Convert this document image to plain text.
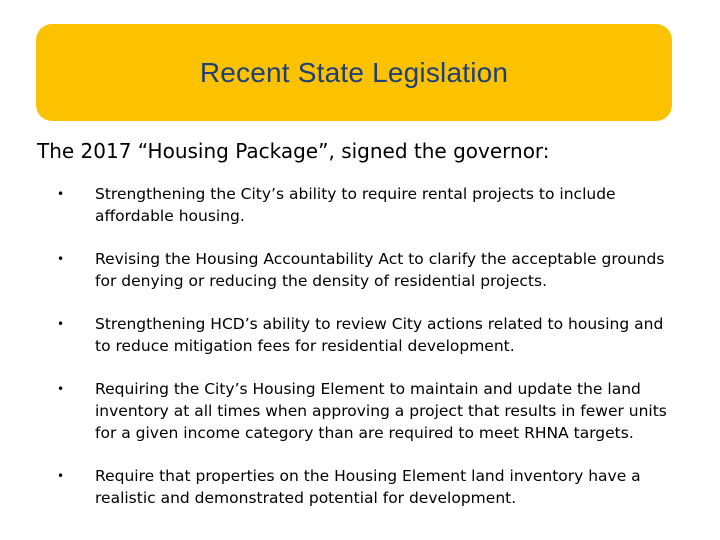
Recent State Legislation
The 2017 “Housing Package”, signed the governor:
• Strengthening the City’s ability to require rental projects to include affordable housing.
• Revising the Housing Accountability Act to clarify the acceptable grounds for denying or reducing the density of residential projects.
• Strengthening HCD’s ability to review City actions related to housing and to reduce mitigation fees for residential development.
• Requiring the City’s Housing Element to maintain and update the land inventory at all times when approving a project that results in fewer units for a given income category than are required to meet RHNA targets.
• Require that properties on the Housing Element land inventory have a realistic and demonstrated potential for development.
